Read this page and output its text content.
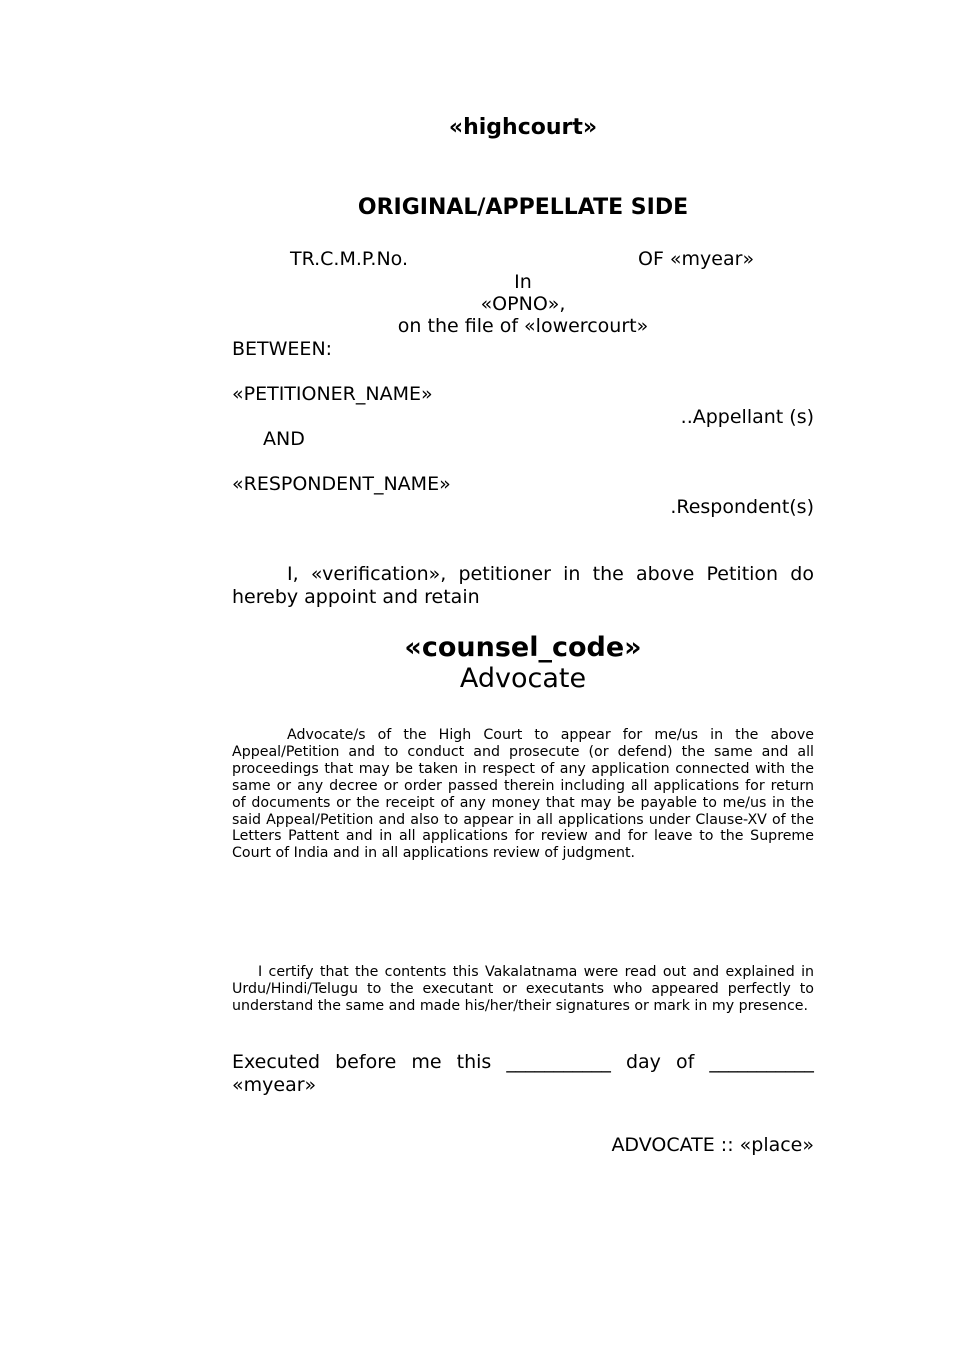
«highcourt»
ORIGINAL/APPELLATE SIDE
TR.C.M.P.No.	OF «myear»
In
«OPNO»,
on the file of «lowercourt»
BETWEEN:
«PETITIONER_NAME»
..Appellant (s)
AND
«RESPONDENT_NAME»
.Respondent(s)
I, «verification», petitioner in the above Petition do hereby appoint and retain
«counsel_code»
Advocate
Advocate/s of the High Court to appear for me/us in the above Appeal/Petition and to conduct and prosecute (or defend) the same and all proceedings that may be taken in respect of any application connected with the same or any decree or order passed therein including all applications for return of documents or the receipt of any money that may be payable to me/us in the said Appeal/Petition and also to appear in all applications under Clause-XV of the Letters Pattent and in all applications for review and for leave to the Supreme Court of India and in all applications review of judgment.
I certify that the contents this Vakalatnama were read out and explained in Urdu/Hindi/Telugu to the executant or executants who appeared perfectly to understand the same and made his/her/their signatures or mark in my presence.
Executed before me this ___________ day of ___________
«myear»
ADVOCATE :: «place»
